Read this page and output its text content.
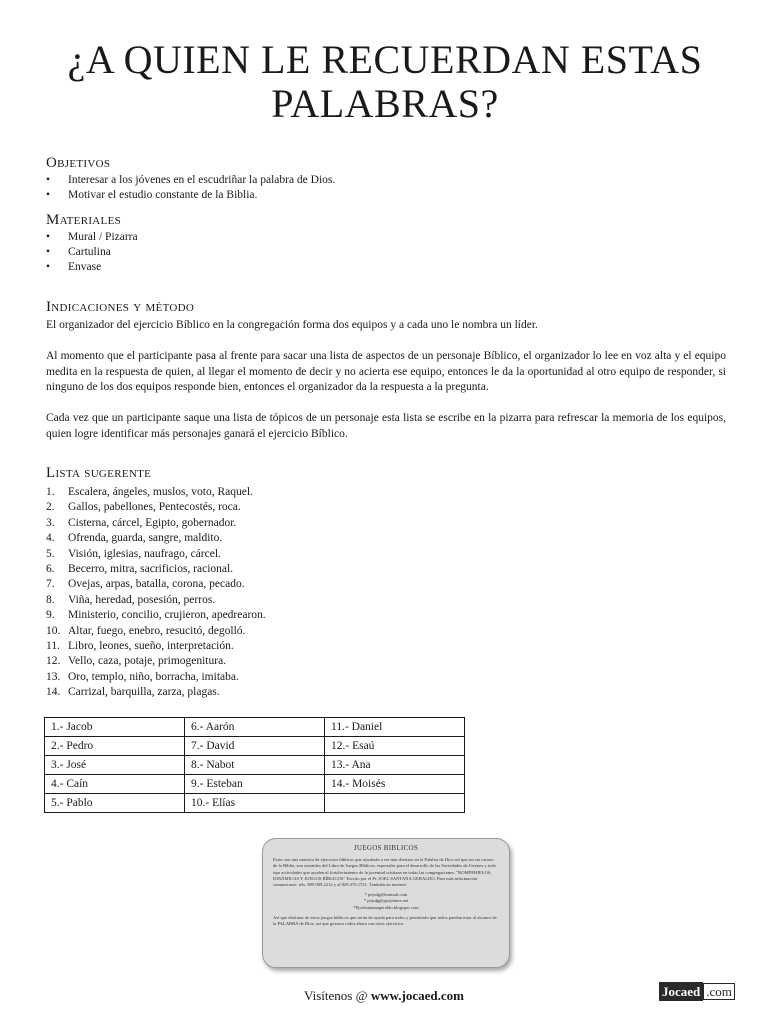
¿A QUIEN LE RECUERDAN ESTAS PALABRAS?
Objetivos
• Interesar a los jóvenes en el escudriñar la palabra de Dios.
• Motivar el estudio constante de la Biblia.
Materiales
• Mural / Pizarra
• Cartulina
• Envase
Indicaciones y método

El organizador del ejercicio Bíblico en la congregación forma dos equipos y a cada uno le nombra un líder.

Al momento que el participante pasa al frente para sacar una lista de aspectos de un personaje Bíblico, el organizador lo lee en voz alta y el equipo medita en la respuesta de quien, al llegar el momento de decir y no acierta ese equipo, entonces le da la oportunidad al otro equipo de responder, si ninguno de los dos equipos responde bien, entonces el organizador da la respuesta a la pregunta.

Cada vez que un participante saque una lista de tópicos de un personaje esta lista se escribe en la pizarra para refrescar la memoria de los equipos, quien logre identificar más personajes ganará el ejercicio Bíblico.

Lista sugerente
1. Escalera, ángeles, muslos, voto, Raquel.
2. Gallos, pabellones, Pentecostés, roca.
3. Cisterna, cárcel, Egipto, gobernador.
4. Ofrenda, guarda, sangre, maldito.
5. Visión, iglesias, naufrago, cárcel.
6. Becerro, mitra, sacrificios, racional.
7. Ovejas, arpas, batalla, corona, pecado.
8. Viña, heredad, posesión, perros.
9. Ministerio, concilio, crujieron, apedrearon.
10. Altar, fuego, enebro, resucitó, degolló.
11. Libro, leones, sueño, interpretación.
12. Vello, caza, potaje, primogenitura.
13. Oro, templo, niño, borracha, imitaba.
14. Carrizal, barquilla, zarza, plagas.
1.- Jacob	6.- Aarón	11.- Daniel
2.- Pedro	7.- David	12.- Esaú
3.- José	8.- Nabot	13.- Ana
4.- Caín	9.- Esteban	14.- Moisés
5.- Pablo	10.- Elías	
JUEGOS BIBLICOS
Estos son una muestra de ejercicios bíblicos que ayudarán a ser mas diestros en la Palabra de Dios así que ser un cartero de la Biblia, son extraídos del Libro de Juegos Bíblicos, especiales para el desarrollo de las Sociedades de Jóvenes y todo tipo actividades que ayuden al fortalecimiento de la juventud cristiana en todas las congregaciones. "ROMPEHIELOS, DINÁMICAS Y JUEGOS BÍBLICOS" Escrito por el Pr. JOEL SANTANA GERALDO. Para más información comunicarse: tels. 809.989.2212 y al 829.470.1721. También en internet:
* pejsdg@hotmail.com
* pejsdg@pjojoenez.net
*Pjoelsantanageraldo.blogspot.com
Así que disfrutar de estos juegos bíblicos que serán de ayuda para todos y permitirán que todos puedan estar al alcance de la PALABRA de Dios, así que gozaros todos ahora con estos ejercicios
Visítenos @ www.jocaed.com	Jocaed .com
